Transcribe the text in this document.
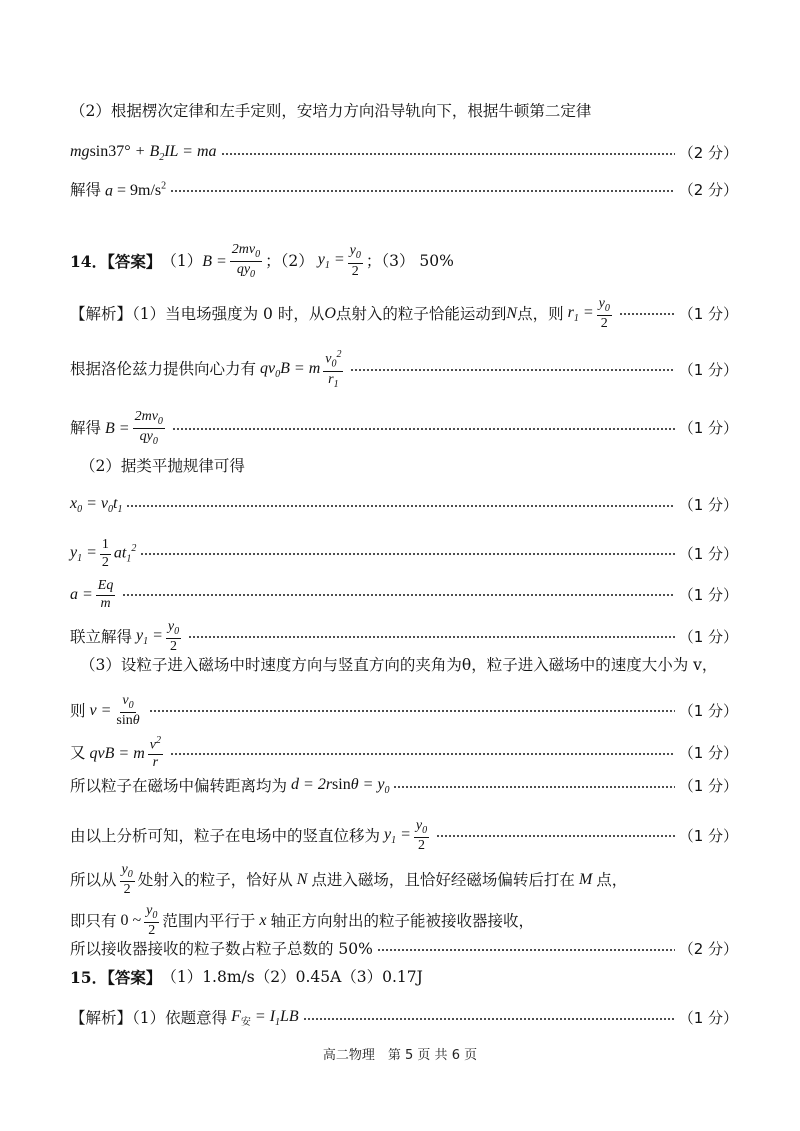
（2）根据楞次定律和左手定则，安培力方向沿导轨向下，根据牛顿第二定律
$mgsin37^\circ + B_2IL$ = ma	（2 分）
解得 $a = 9m/s^2$	（2 分）
14．【答案】 （1） $B = \frac{2mv_0}{qy_0}$ ；（2） $y_1 = \frac{y_0}{2}$ ；（3） 50%
【解析】（1）当电场强度为 0 时，从 O 点射入的粒子恰能运动到 N 点，则 $r_1 = \frac{y_0}{2}$	（1 分）
根据洛伦兹力提供向心力有 $qv_0B = m \frac{v_0^2}{r_1}$	（1 分）
解得 $B = \frac{2mv_0}{qy_0}$	（1 分）
（2）据类平抛规律可得
$x_0 = v_0t_1$	（1 分）
$y_1 = \frac{1}{2} at_1^2$	（1 分）
$a = \frac{Eq}{m}$	（1 分）
联立解得 $y_1 = \frac{y_0}{2}$	（1 分）
（3）设粒子进入磁场中时速度方向与竖直方向的夹角为θ，粒子进入磁场中的速度大小为 v，
则 $v = \frac{v_0}{\sin\theta}$	（1 分）
又 qvB = m $\frac{v^2}{r}$	（1 分）
所以粒子在磁场中偏转距离均为 $d = 2rsin\theta = y_0$	（1 分）
由以上分析可知，粒子在电场中的竖直位移为 $y_1 = \frac{y_0}{2}$	（1 分）
所以从 $\frac{y_0}{2}$ 处射入的粒子，恰好从 N 点进入磁场，且恰好经磁场偏转后打在 M 点，
即只有 0 ~ $\frac{y_0}{2}$ 范围内平行于 x 轴正方向射出的粒子能被接收器接收，
所以接收器接收的粒子数占粒子总数的 50%	（2 分）
15．【答案】 （1）1.8m/s（2）0.45A（3）0.17J
【解析】（1）依题意得 $F_安 = I_1LB$	（1 分）
高二物理　第 5 页 共 6 页
